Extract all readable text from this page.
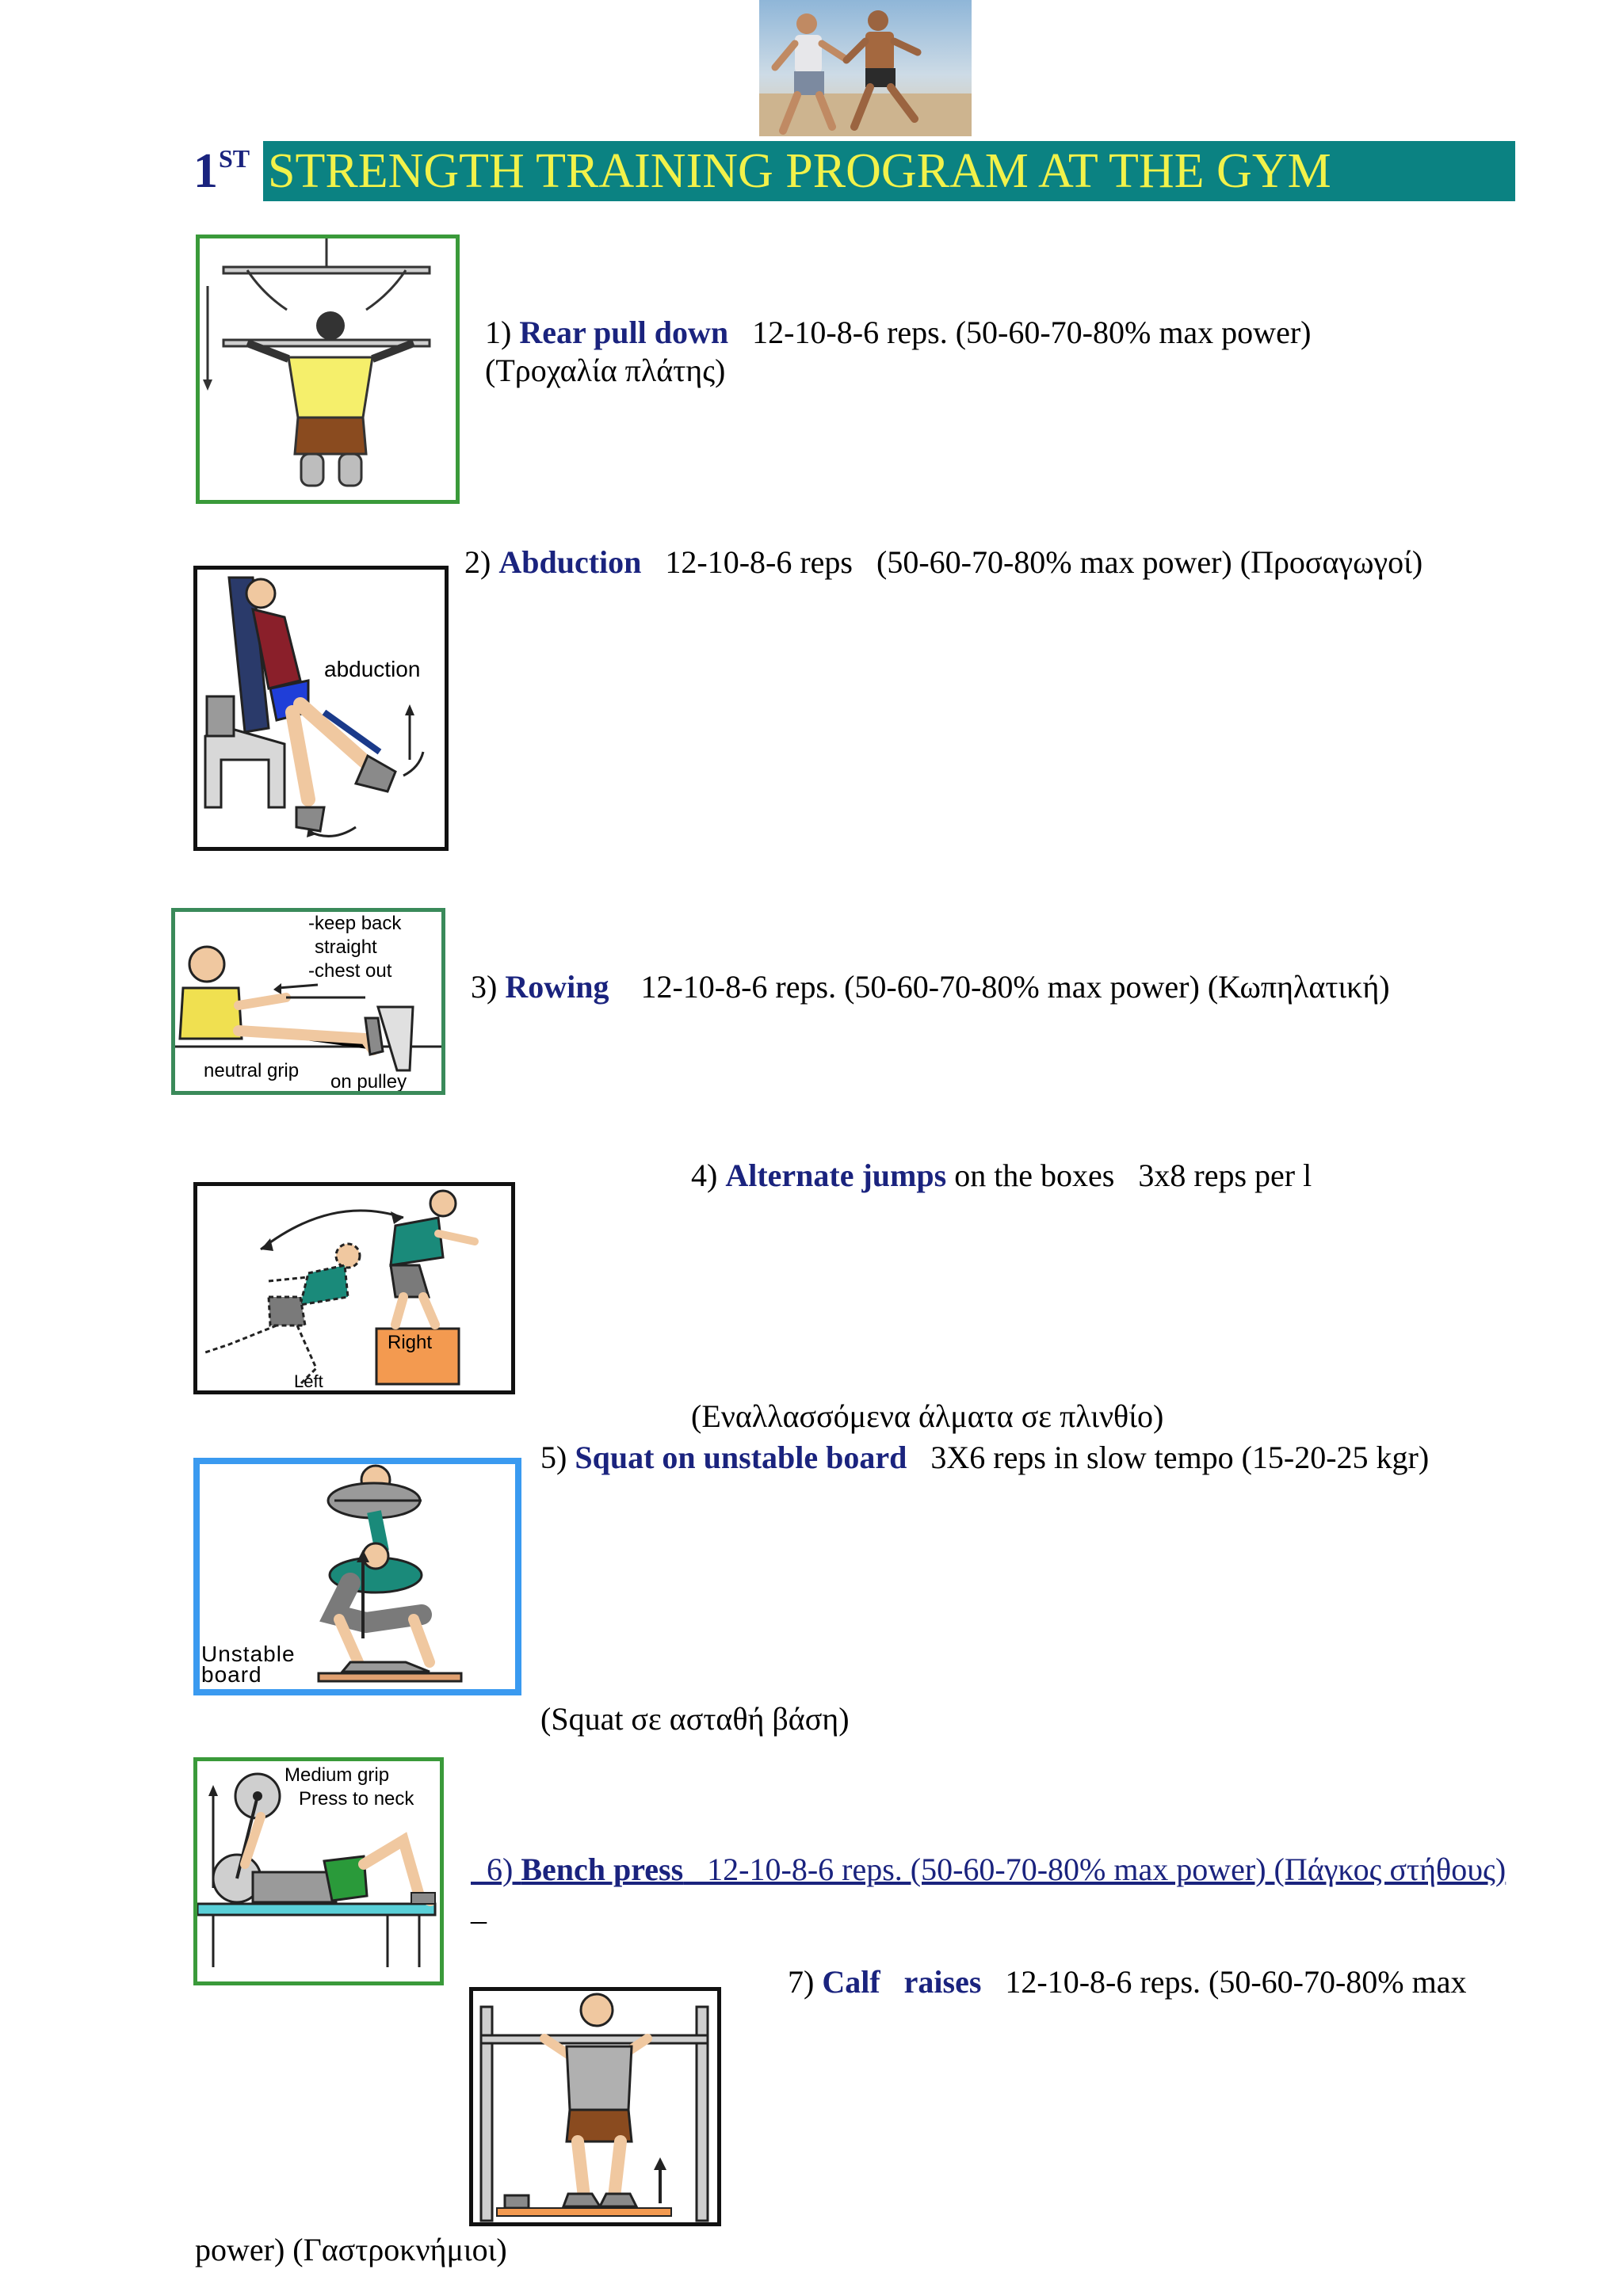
1 ST STRENGTH TRAINING PROGRAM AT THE GYM
1) Rear pull down   12-10-8-6 reps. (50-60-70-80% max power)
(Τροχαλία πλάτης)
abduction
2) Abduction   12-10-8-6 reps   (50-60-70-80% max power) (Προσαγωγοί)
-keep back
straight
-chest out
neutral grip
on pulley
3) Rowing    12-10-8-6 reps. (50-60-70-80% max power) (Κωπηλατική)
Right
Left
4) Alternate jumps on the boxes   3x8 reps per l
(Εναλλασσόμενα άλματα σε πλινθίο)
Unstable
board
5) Squat on unstable board   3X6 reps in slow tempo (15-20-25 kgr)
(Squat σε ασταθή βάση)
Medium grip
Press to neck
6) Bench press   12-10-8-6 reps. (50-60-70-80% max power) (Πάγκος στήθους)
_
7) Calf   raises   12-10-8-6 reps. (50-60-70-80% max
power) (Γαστροκνήμιοι)
